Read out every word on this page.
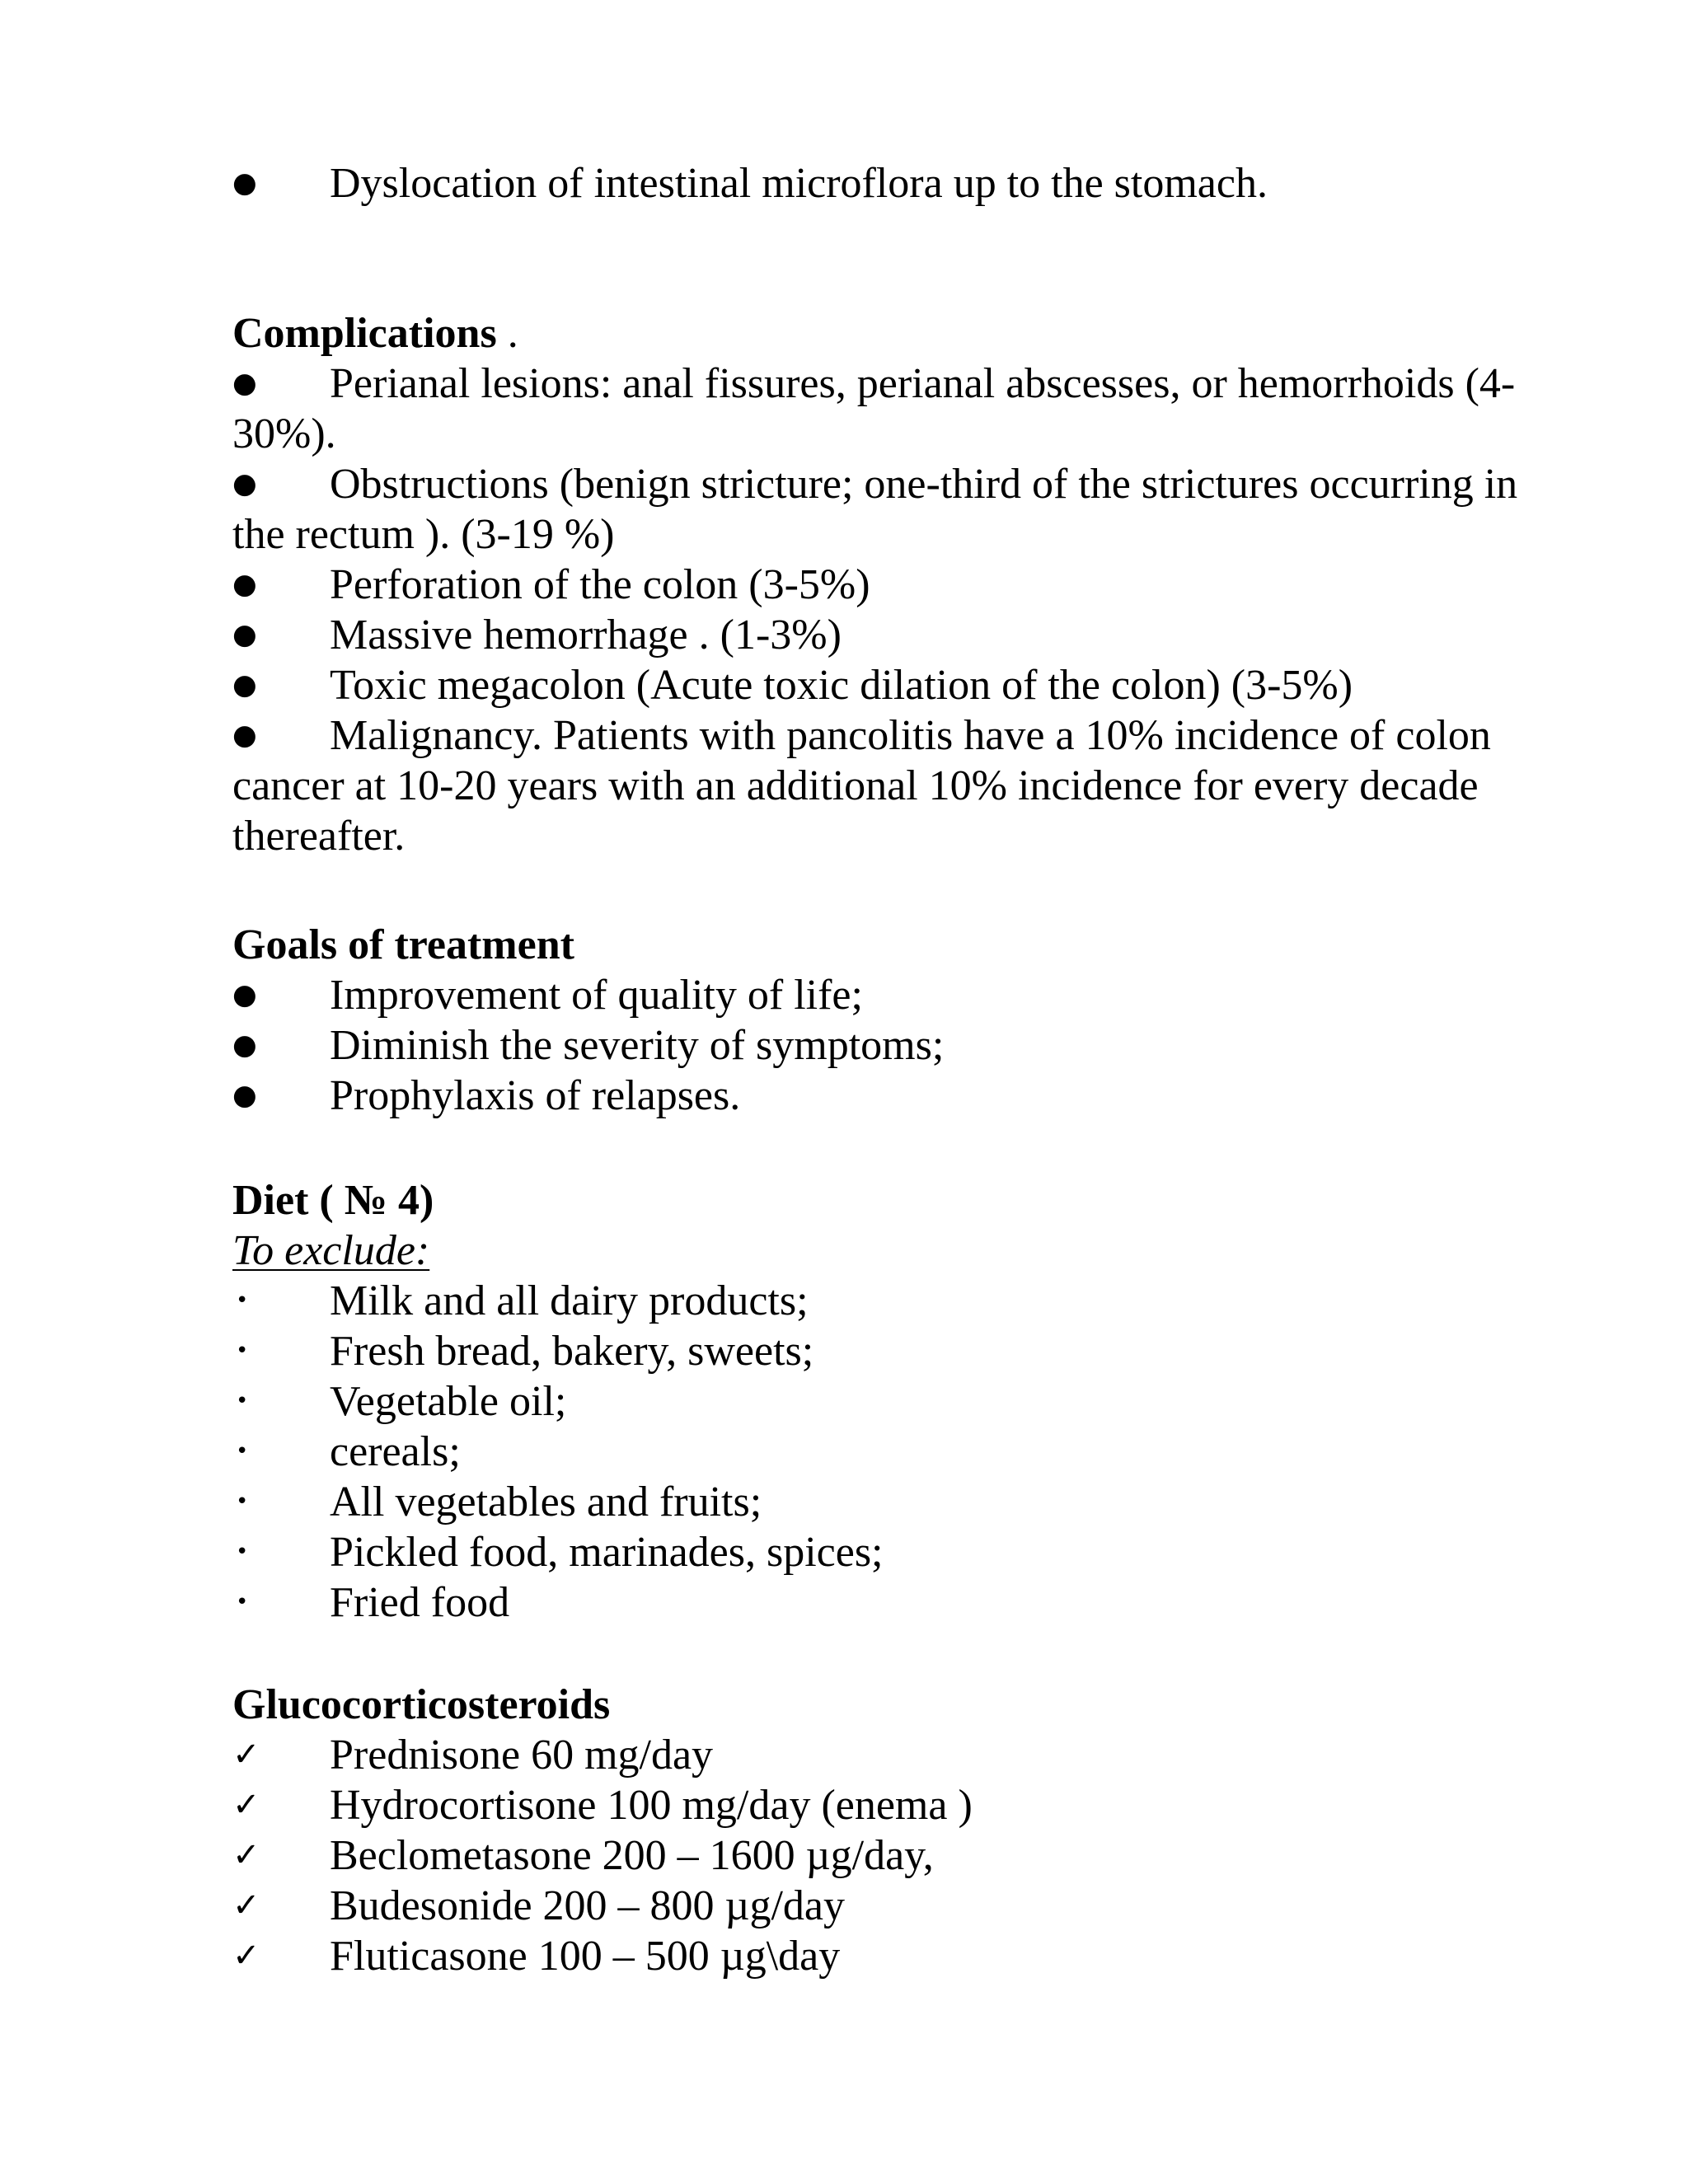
● Dyslocation of intestinal microflora up to the stomach.
Complications .
● Perianal lesions: anal fissures, perianal abscesses, or hemorrhoids (4-30%).
● Obstructions (benign stricture; one-third of the strictures occurring in the rectum ). (3-19 %)
● Perforation of the colon (3-5%)
● Massive hemorrhage . (1-3%)
● Toxic megacolon (Acute toxic dilation of the colon) (3-5%)
● Malignancy. Patients with pancolitis have a 10% incidence of colon cancer at 10-20 years with an additional 10% incidence for every decade thereafter.
Goals of treatment
● Improvement of quality of life;
● Diminish the severity of symptoms;
● Prophylaxis of relapses.
Diet ( № 4)
To exclude:
•	Milk and all dairy products;
•	Fresh bread, bakery, sweets;
•	Vegetable oil;
•	cereals;
•	All vegetables and fruits;
•	Pickled food, marinades, spices;
•	Fried food
Glucocorticosteroids
✓ Prednisone 60 mg/day
✓ Hydrocortisone 100 mg/day (enema )
✓ Beclometasone 200 – 1600 µg/day,
✓ Budesonide 200 – 800 µg/day
✓ Fluticasone 100 – 500 µg\day
